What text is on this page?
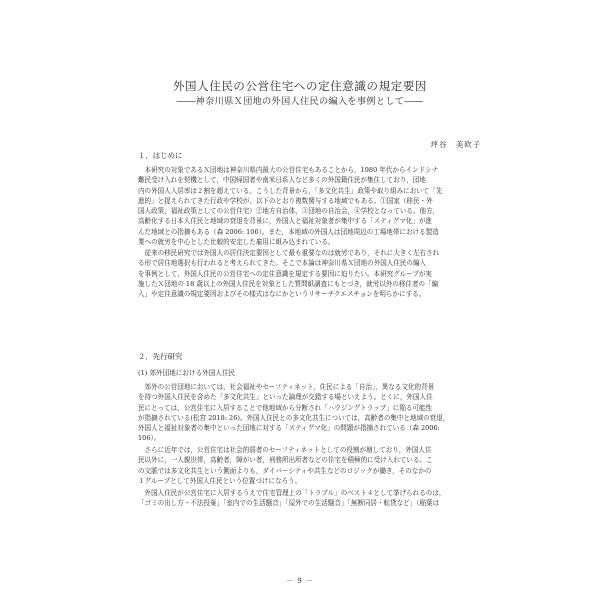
外国人住民の公営住宅への定住意識の規定要因
――神奈川県Ｘ団地の外国人住民の編入を事例として――
坪谷　美欧子
１．はじめに
　本研究の対象であるＸ団地は神奈川県内最大の公営住宅もあることから，1980 年代からインドシナ
難民受け入れを契機として，中国帰国者や南米日系人など多くの外国籍住民が集住しており，団地
内の外国人入居率は２割を超えている。こうした背景から，「多文化共生」政策や取り組みにおいて「先
進的」と捉えられてきた行政や学校が，以下のとおり複数関与する地域でもある。①国家（移民・外
国人政策，福祉政策としての公営住宅）②地方自治体，③団地の自治会，④学校となっている。他方，
高齢化する日本人住民と地域の衰退を背景に，外国人と福祉対象者が集中する「スティグマ化」が進
んだ地域との指摘もある（森 2006: 106）。また，本地域の外国人は団地周辺の工場地帯における製造
業への就労を中心とした比較的安定した雇用に組み込まれている。
　従来の移民研究では外国人の居住決定要因として最も重要なのは就労であり，それに大きく左右され
る形で居住地選択も行われると考えられてきた。そこで本論は神奈川県Ｘ団地の外国人住民の編入
を事例として，外国人住民の公営住宅への定住意識を規定する要因に迫りたい。本研究グループが実
施したＸ団地の 18 歳以上の外国人住民を対象とした質問紙調査にもとづき，就労以外の移住者の「編
入」や定住意識の規定要因およびその様式はなにかというリサーチクエスチョンを明らかにする。
２．先行研究
(1) 郊外団地における外国人住民
　郊外の公営団地においては，社会福祉やセーフティネット，住民による「自治」，異なる文化的背景
を持つ外国人住民を含めた「多文化共生」といった論理が交錯する場といえよう。とくに，外国人住
民にとっては，公営住宅に入居することで他地域から分断され「ハウジングトラップ」に陥る可能性
が指摘されている(松宮 2018: 26)。外国人住民との多文化共生については，高齢者の集中と地域の衰退，
外国人と福祉対象者の集中といった団地に対する「スティグマ化」の問題が指摘されている（森 2006:
106）。
　さらに近年では，公営住宅は社会的弱者のセーフティネットとしての役割が増しており，外国人住
民以外に，一人親世帯，高齢者，障がい者，刑務所出所者などの住宅を積極的に受け入れている。こ
の文脈では多文化共生という側面よりも，ダイバーシティや共生などのロジックが働き，そのなかの
１グループとして外国人住民という位置づけになろう。
　外国人住民が公営住宅に入居するうえで住宅管理上の「トラブル」のベスト４として挙げられるのは，
「ゴミの出し方・不法投棄」「室内での生活騒音」「屋外での生活騒音」「無断同居・転貸など」（稲葉は
－ 9 －
